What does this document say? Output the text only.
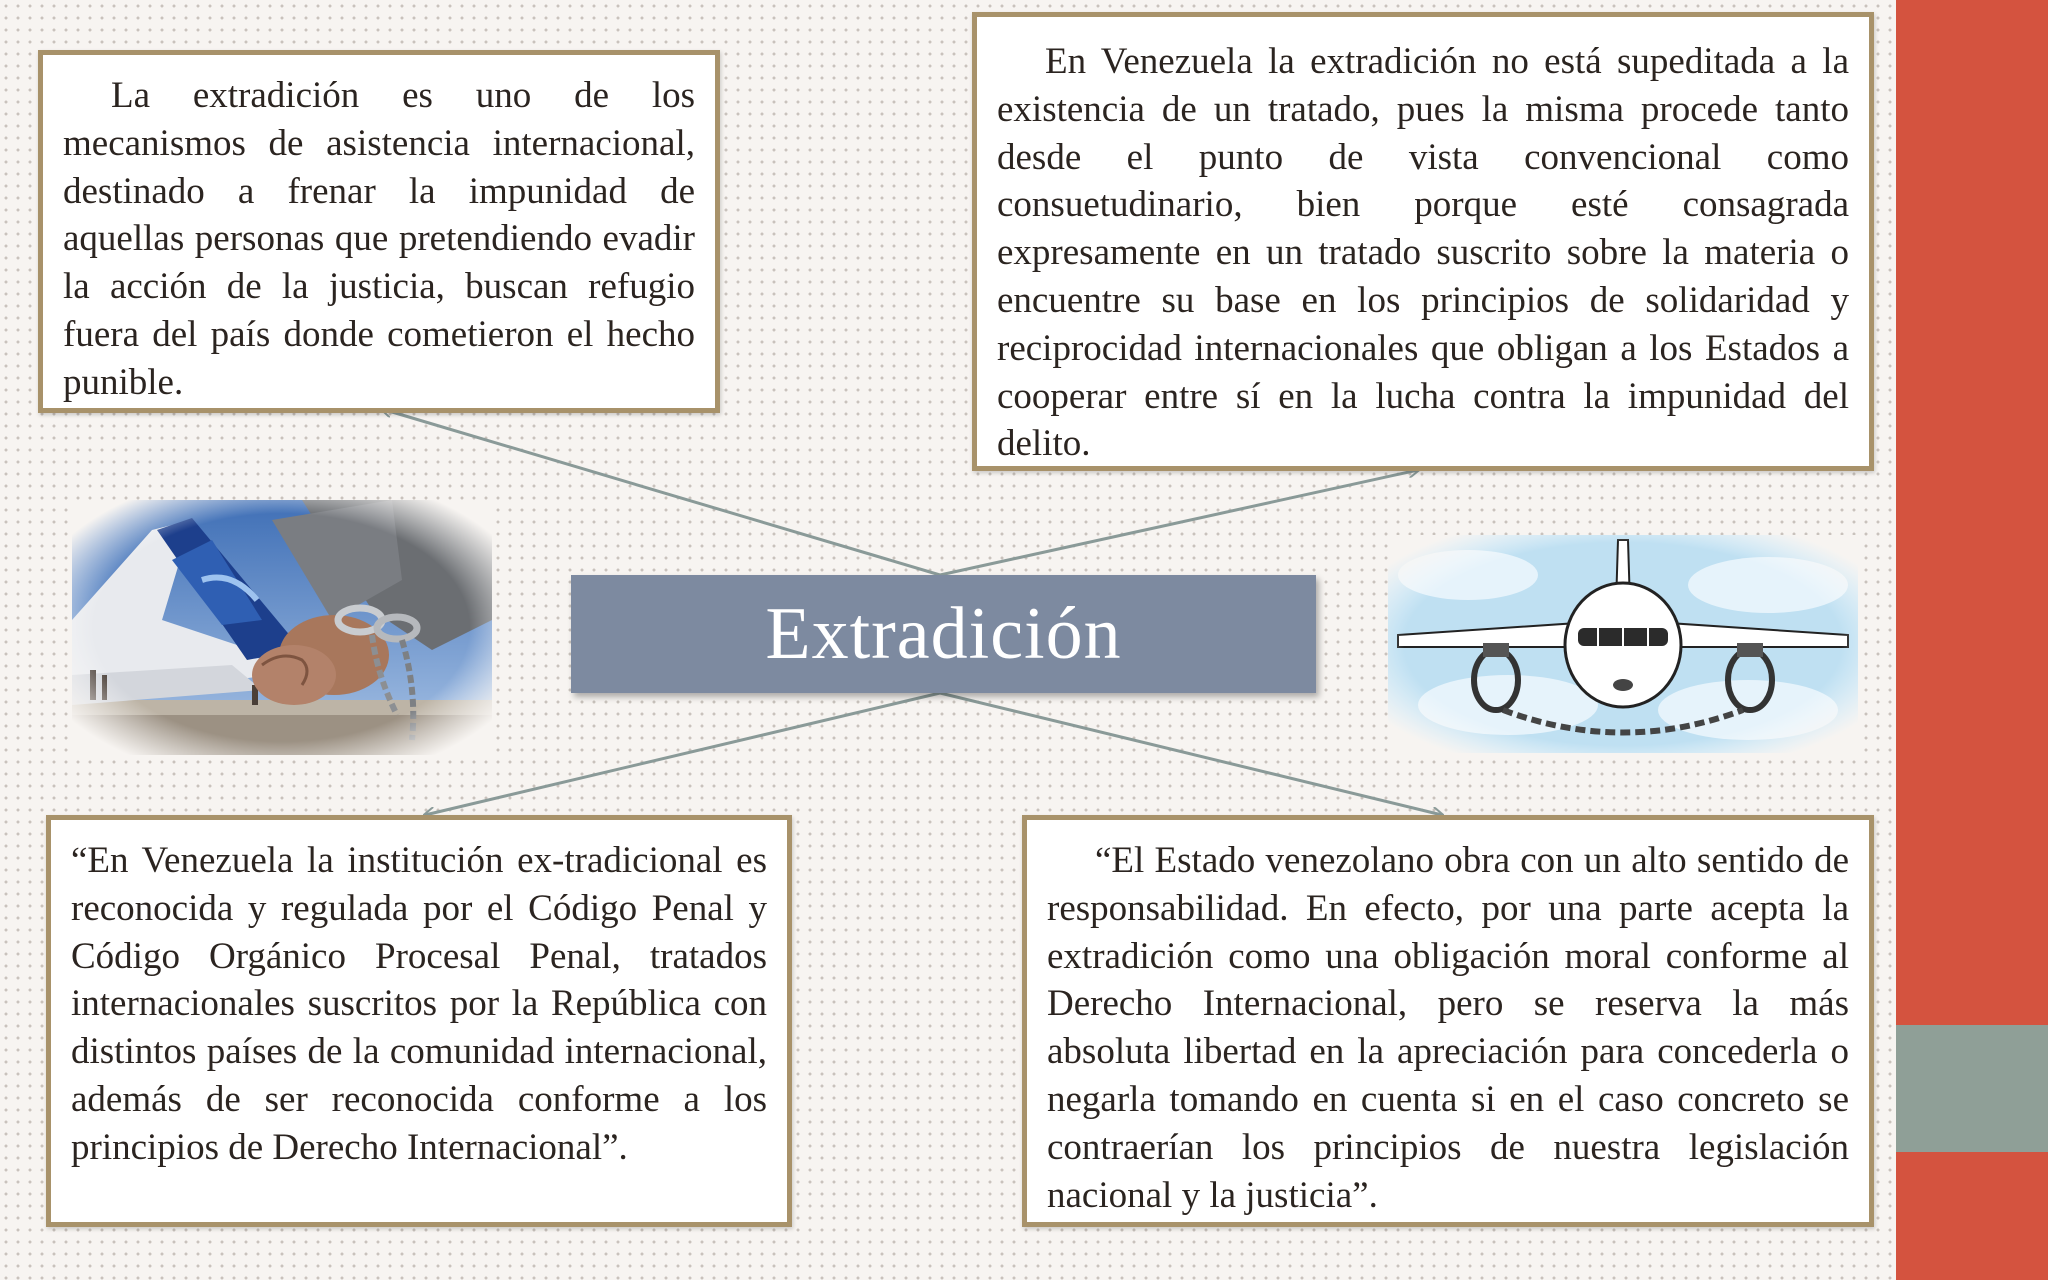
La extradición es uno de los mecanismos de asistencia internacional, destinado a frenar la impunidad de aquellas personas que pretendiendo evadir la acción de la justicia, buscan refugio fuera del país donde cometieron el hecho punible.
En Venezuela la extradición no está supeditada a la existencia de un tratado, pues la misma procede tanto desde el punto de vista convencional como consuetudinario, bien porque esté consagrada expresamente en un tratado suscrito sobre la materia o encuentre su base en los principios de solidaridad y reciprocidad internacionales que obligan a los Estados a cooperar entre sí en la lucha contra la impunidad del delito.
“En Venezuela la institución ex-tradicional es reconocida y regulada por el Código Penal y Código Orgánico Procesal Penal, tratados internacionales suscritos por la República con distintos países de la comunidad internacional, además de ser reconocida conforme a los principios de Derecho Internacional”.
“El Estado venezolano obra con un alto sentido de responsabilidad. En efecto, por una parte acepta la extradición como una obligación moral conforme al Derecho Internacional, pero se reserva la más absoluta libertad en la apreciación para concederla o negarla tomando en cuenta si en el caso concreto se contraerían los principios de nuestra legislación nacional y la justicia”.
Extradición
